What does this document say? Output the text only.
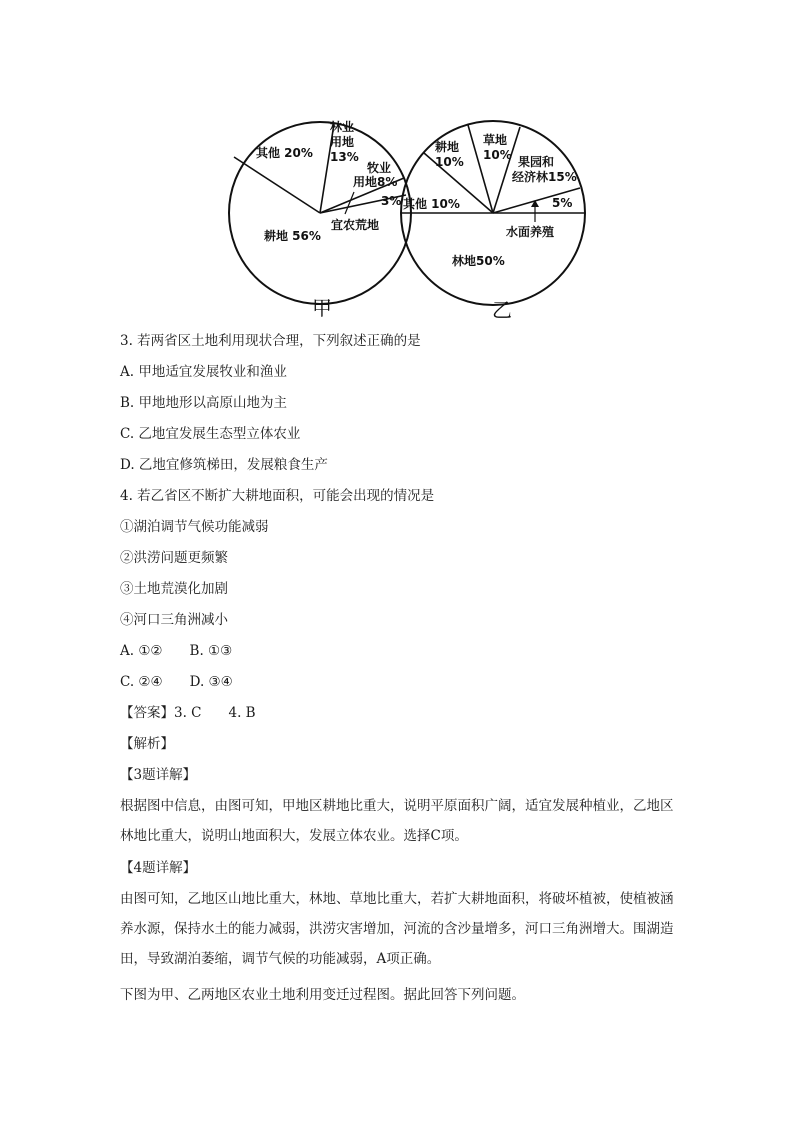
其他 20%
林业
用地
13%
牧业
用地8%
3%
宜农荒地
耕地 56%
甲
其他 10%
耕地
10%
草地
10% 果园和
经济林15%
5%
水面养殖
林地50%
乙
3. 若两省区土地利用现状合理，下列叙述正确的是
A. 甲地适宜发展牧业和渔业
B. 甲地地形以高原山地为主
C. 乙地宜发展生态型立体农业
D. 乙地宜修筑梯田，发展粮食生产
4. 若乙省区不断扩大耕地面积，可能会出现的情况是
①湖泊调节气候功能减弱
②洪涝问题更频繁
③土地荒漠化加剧
④河口三角洲减小
A. ①②　　B. ①③
C. ②④　　D. ③④
【答案】3. C　　4. B
【解析】
【3题详解】
根据图中信息，由图可知，甲地区耕地比重大，说明平原面积广阔，适宜发展种植业，乙地区林地比重大，说明山地面积大，发展立体农业。选择C项。
【4题详解】
由图可知，乙地区山地比重大，林地、草地比重大，若扩大耕地面积，将破坏植被，使植被涵养水源，保持水土的能力减弱，洪涝灾害增加，河流的含沙量增多，河口三角洲增大。围湖造田，导致湖泊萎缩，调节气候的功能减弱，A项正确。
下图为甲、乙两地区农业土地利用变迁过程图。据此回答下列问题。
